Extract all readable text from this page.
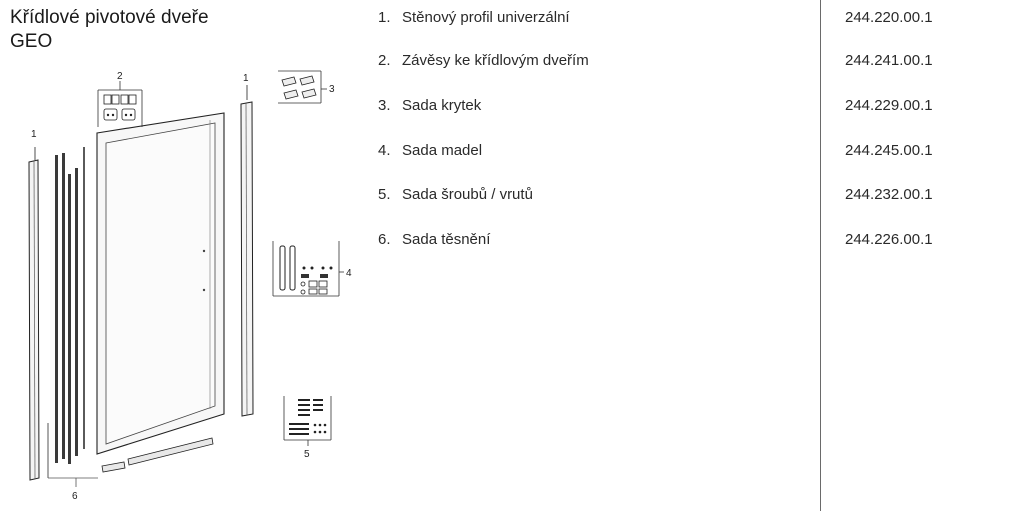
Křídlové pivotové dveře
GEO
1
6
1
2
3
4
5
1. Stěnový profil univerzální	244.220.00.1
2. Závěsy ke křídlovým dveřím	244.241.00.1
3. Sada krytek	244.229.00.1
4. Sada madel	244.245.00.1
5. Sada šroubů / vrutů	244.232.00.1
6. Sada těsnění	244.226.00.1
